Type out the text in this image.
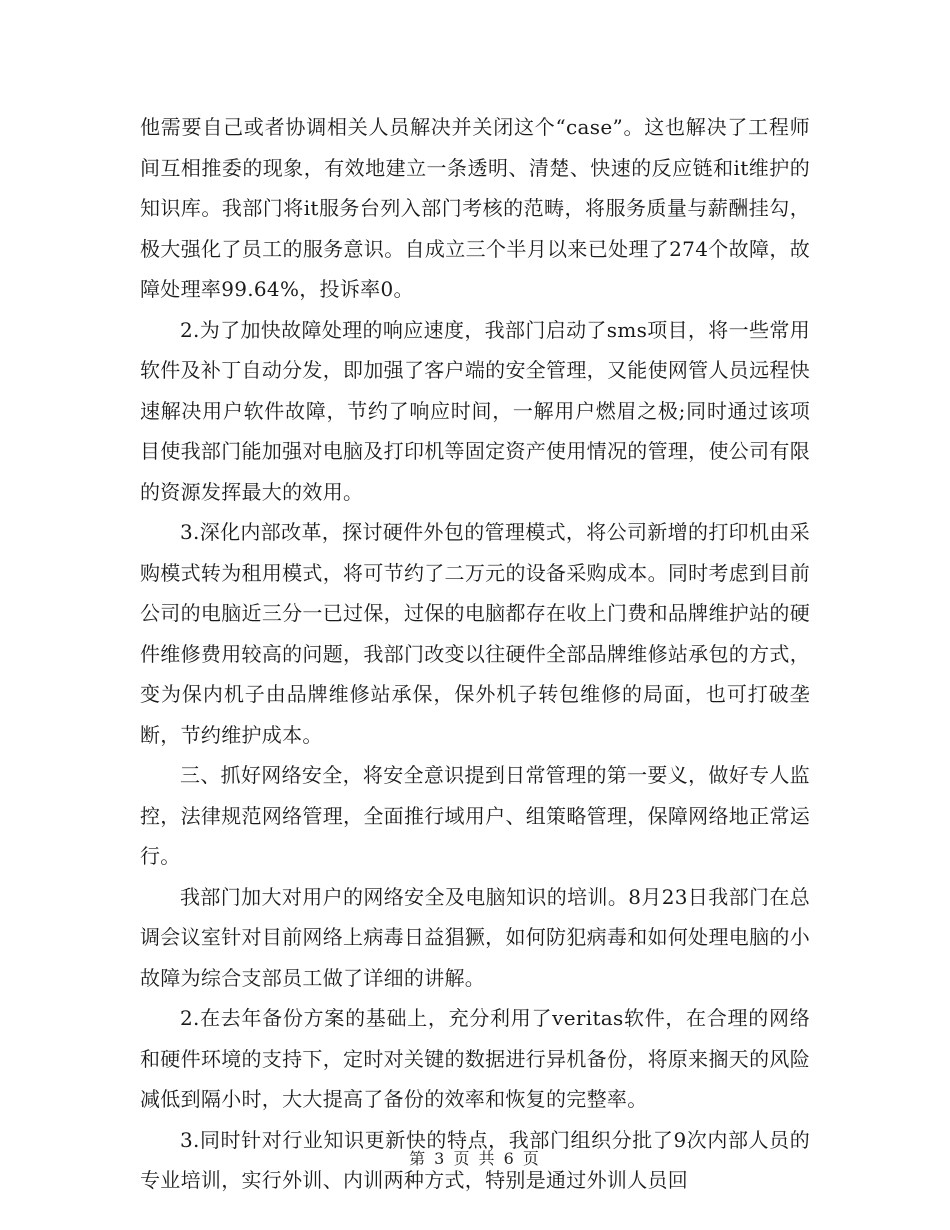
他需要自己或者协调相关人员解决并关闭这个“case”。这也解决了工程师间互相推委的现象，有效地建立一条透明、清楚、快速的反应链和it维护的知识库。我部门将it服务台列入部门考核的范畴，将服务质量与薪酬挂勾，极大强化了员工的服务意识。自成立三个半月以来已处理了274个故障，故障处理率99.64%，投诉率0。

2.为了加快故障处理的响应速度，我部门启动了sms项目，将一些常用软件及补丁自动分发，即加强了客户端的安全管理，又能使网管人员远程快速解决用户软件故障，节约了响应时间，一解用户燃眉之极;同时通过该项目使我部门能加强对电脑及打印机等固定资产使用情况的管理，使公司有限的资源发挥最大的效用。

3.深化内部改革，探讨硬件外包的管理模式，将公司新增的打印机由采购模式转为租用模式，将可节约了二万元的设备采购成本。同时考虑到目前公司的电脑近三分一已过保，过保的电脑都存在收上门费和品牌维护站的硬件维修费用较高的问题，我部门改变以往硬件全部品牌维修站承包的方式，变为保内机子由品牌维修站承保，保外机子转包维修的局面，也可打破垄断，节约维护成本。

三、抓好网络安全，将安全意识提到日常管理的第一要义，做好专人监控，法律规范网络管理，全面推行域用户、组策略管理，保障网络地正常运行。

我部门加大对用户的网络安全及电脑知识的培训。8月23日我部门在总调会议室针对目前网络上病毒日益猖獗，如何防犯病毒和如何处理电脑的小故障为综合支部员工做了详细的讲解。

2.在去年备份方案的基础上，充分利用了veritas软件，在合理的网络和硬件环境的支持下，定时对关键的数据进行异机备份，将原来搁天的风险减低到隔小时，大大提高了备份的效率和恢复的完整率。

3.同时针对行业知识更新快的特点，我部门组织分批了9次内部人员的专业培训，实行外训、内训两种方式，特别是通过外训人员回

第 3 页 共 6 页
